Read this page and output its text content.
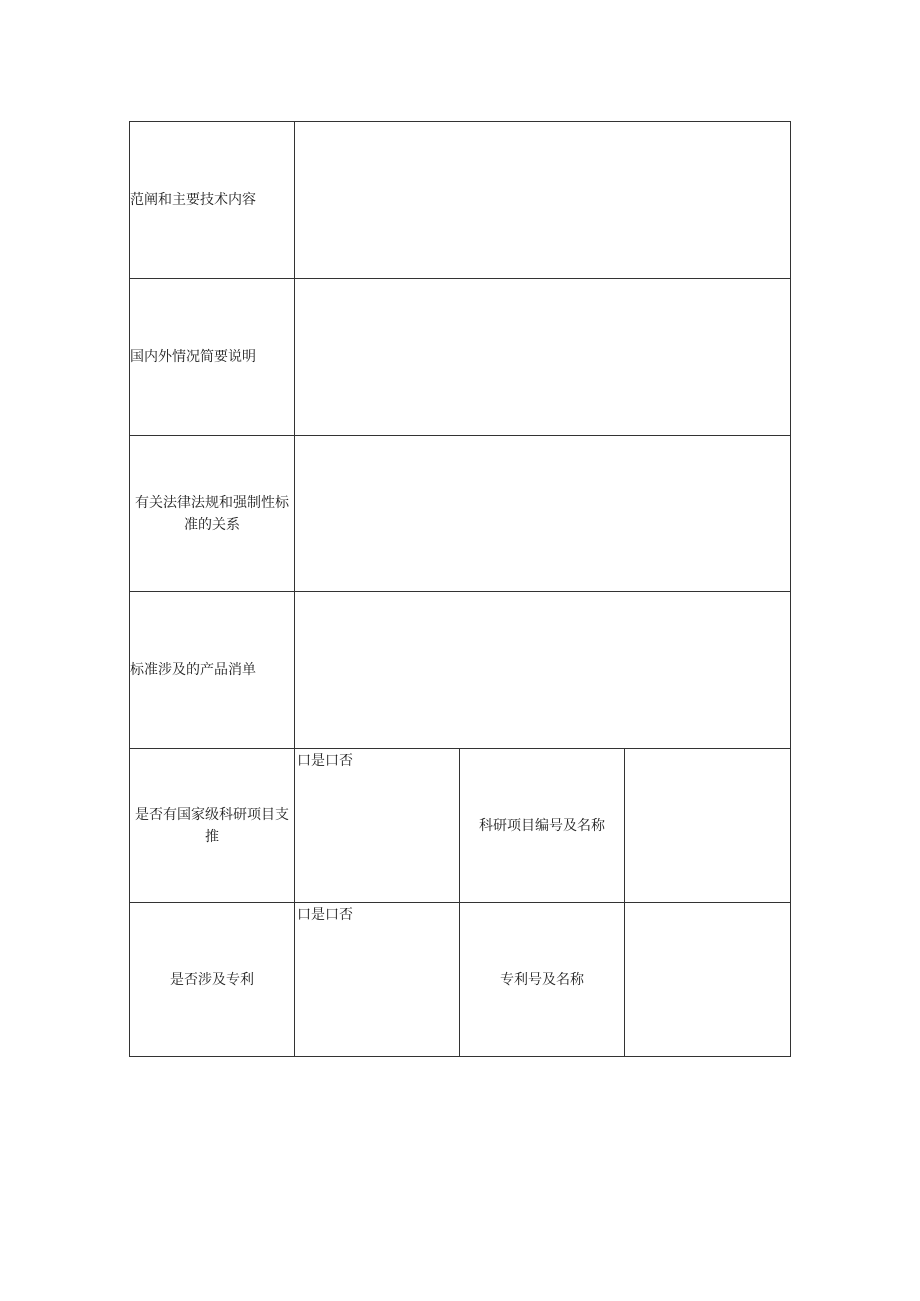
范阐和主要技术内容			
国内外情况简要说明			
有关法律法规和强制性标准的关系			
标准涉及的产品消单			
是否有国家级科研项目支推	口是口否	科研项目编号及名称	
是否涉及专利	口是口否	专利号及名称	
